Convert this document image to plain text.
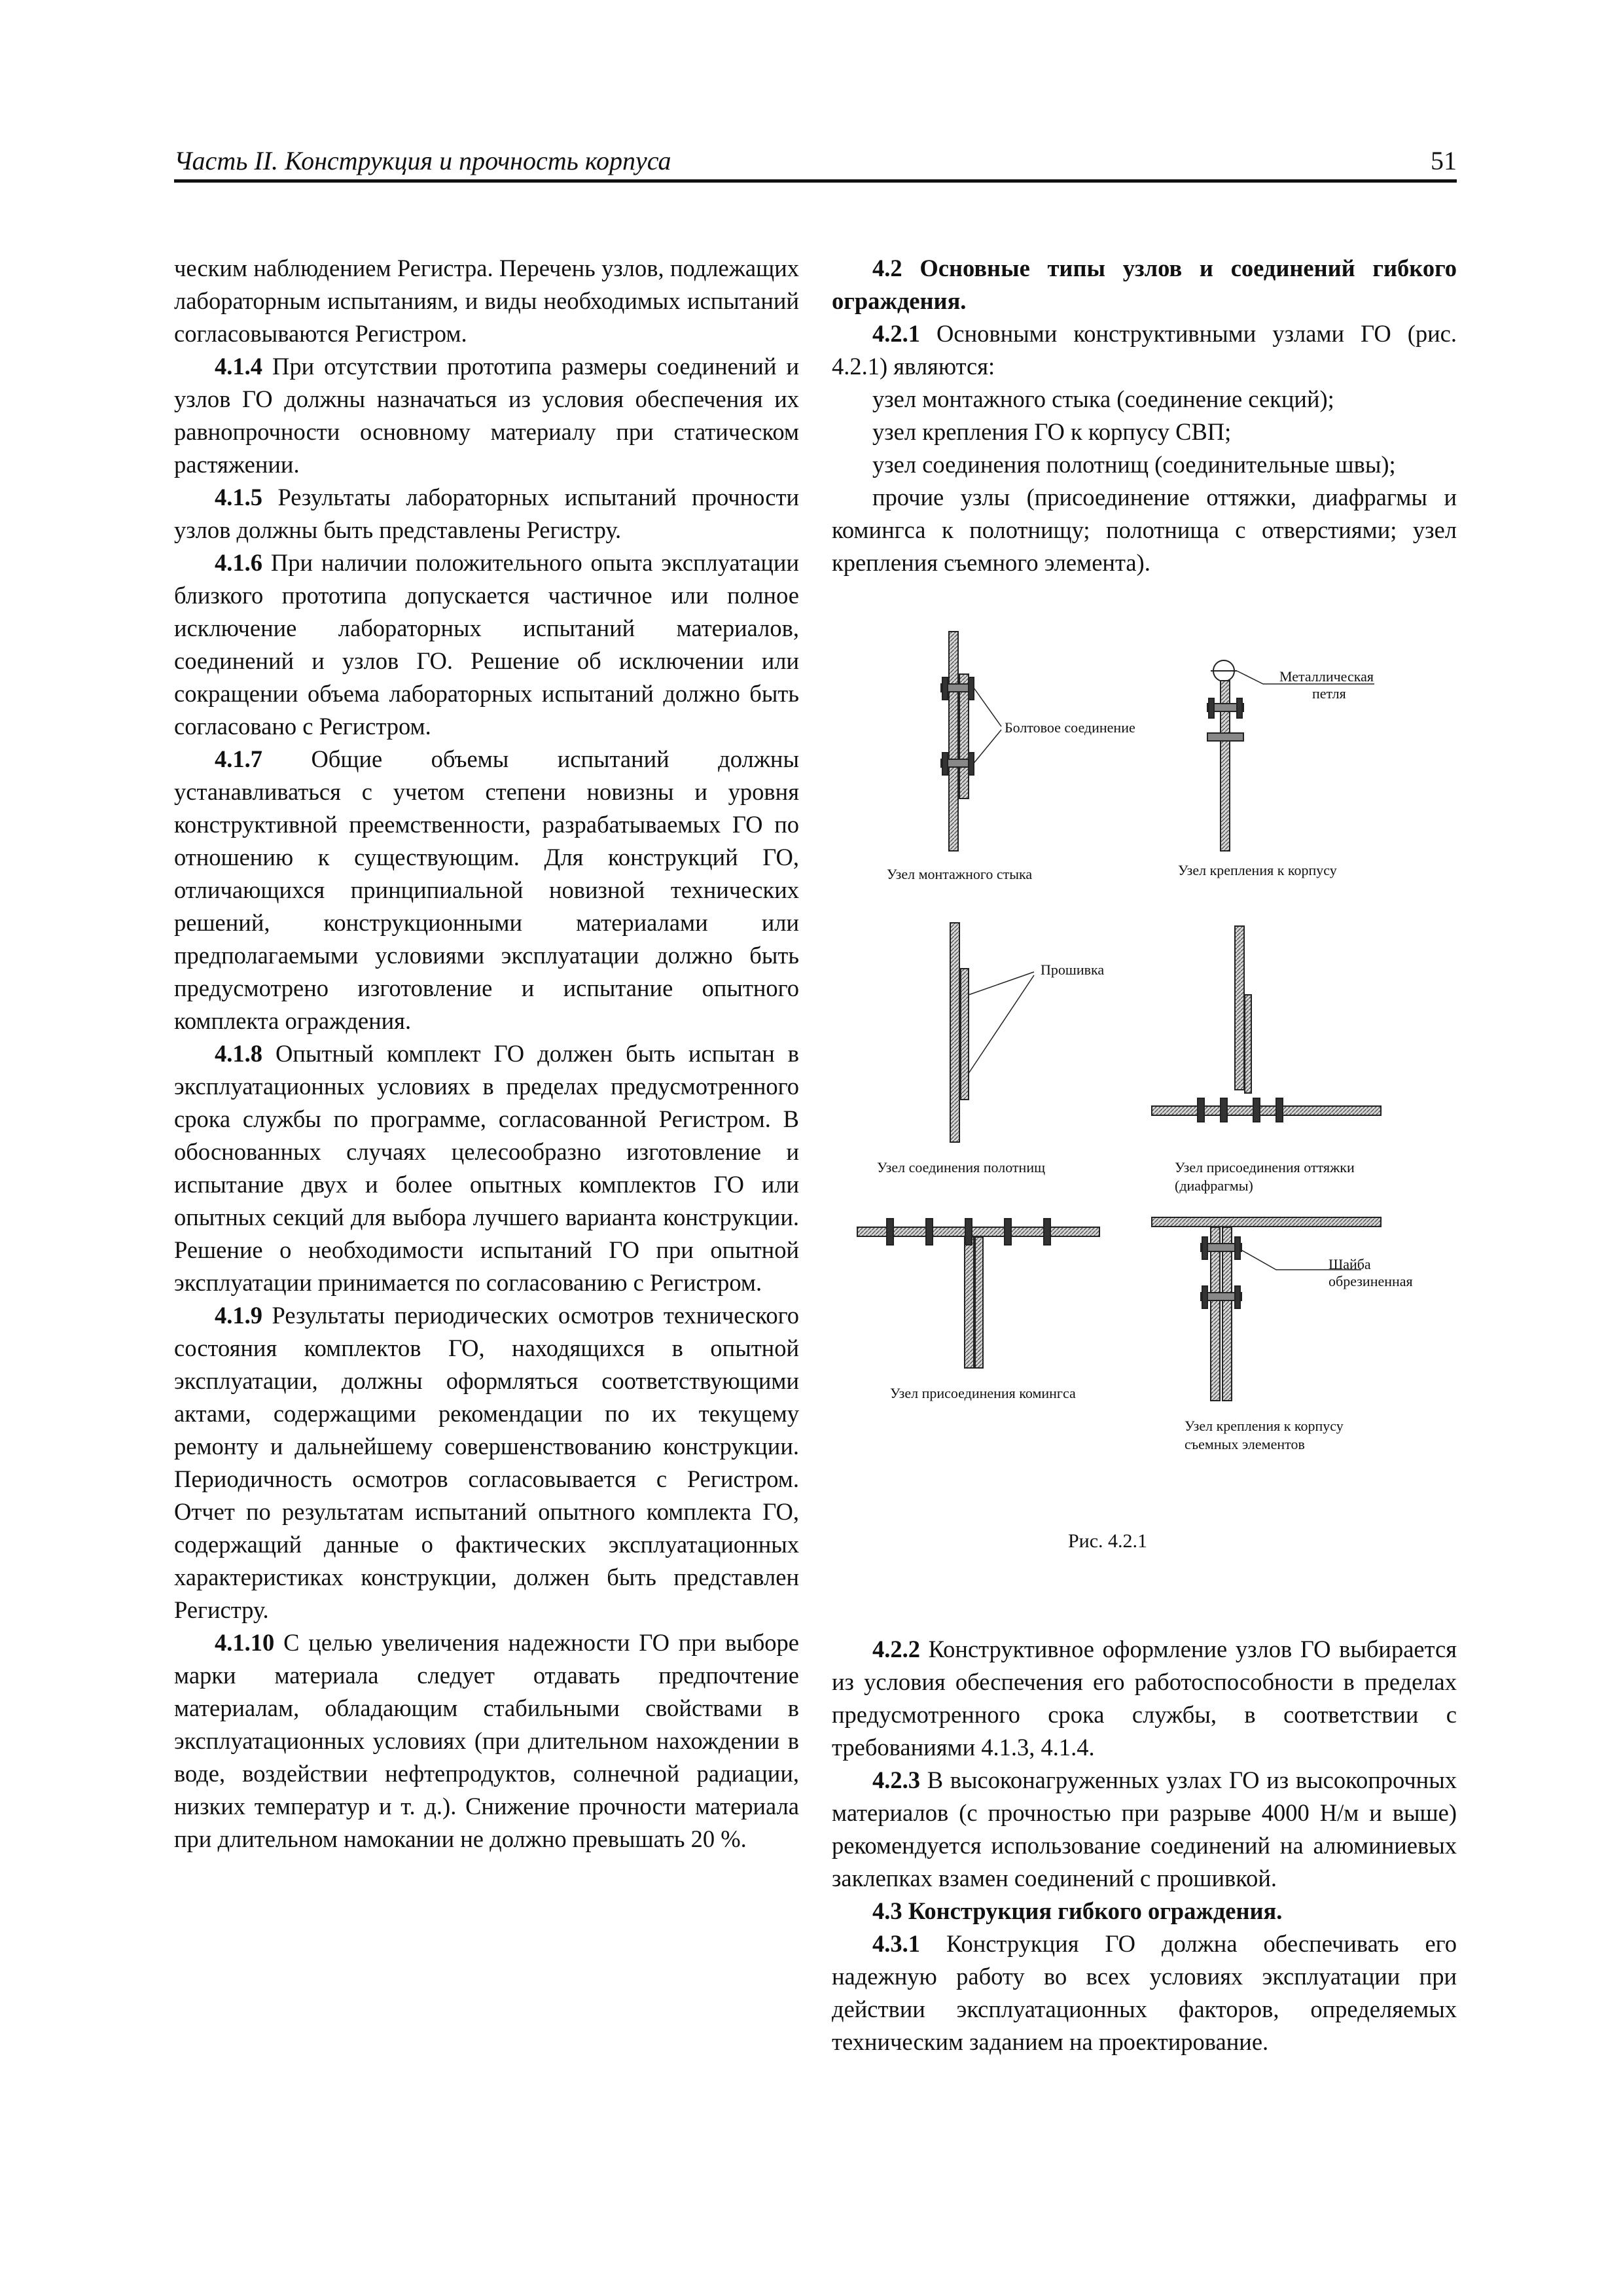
Часть II. Конструкция и прочность корпуса	51

ческим наблюдением Регистра. Перечень узлов, подлежащих лабораторным испытаниям, и виды необходимых испытаний согласовываются Регистром.

4.1.4 При отсутствии прототипа размеры соединений и узлов ГО должны назначаться из условия обеспечения их равнопрочности основному материалу при статическом растяжении.

4.1.5 Результаты лабораторных испытаний прочности узлов должны быть представлены Регистру.

4.1.6 При наличии положительного опыта эксплуатации близкого прототипа допускается частичное или полное исключение лабораторных испытаний материалов, соединений и узлов ГО. Решение об исключении или сокращении объема лабораторных испытаний должно быть согласовано с Регистром.

4.1.7 Общие объемы испытаний должны устанавливаться с учетом степени новизны и уровня конструктивной преемственности, разрабатываемых ГО по отношению к существующим. Для конструкций ГО, отличающихся принципиальной новизной технических решений, конструкционными материалами или предполагаемыми условиями эксплуатации должно быть предусмотрено изготовление и испытание опытного комплекта ограждения.

4.1.8 Опытный комплект ГО должен быть испытан в эксплуатационных условиях в пределах предусмотренного срока службы по программе, согласованной Регистром. В обоснованных случаях целесообразно изготовление и испытание двух и более опытных комплектов ГО или опытных секций для выбора лучшего варианта конструкции. Решение о необходимости испытаний ГО при опытной эксплуатации принимается по согласованию с Регистром.

4.1.9 Результаты периодических осмотров технического состояния комплектов ГО, находящихся в опытной эксплуатации, должны оформляться соответствующими актами, содержащими рекомендации по их текущему ремонту и дальнейшему совершенствованию конструкции. Периодичность осмотров согласовывается с Регистром. Отчет по результатам испытаний опытного комплекта ГО, содержащий данные о фактических эксплуатационных характеристиках конструкции, должен быть представлен Регистру.

4.1.10 С целью увеличения надежности ГО при выборе марки материала следует отдавать предпочтение материалам, обладающим стабильными свойствами в эксплуатационных условиях (при длительном нахождении в воде, воздействии нефтепродуктов, солнечной радиации, низких температур и т. д.). Снижение прочности материала при длительном намокании не должно превышать 20 %.

4.2 Основные типы узлов и соединений гибкого ограждения.

4.2.1 Основными конструктивными узлами ГО (рис. 4.2.1) являются:

узел монтажного стыка (соединение секций);

узел крепления ГО к корпусу СВП;

узел соединения полотнищ (соединительные швы);

прочие узлы (присоединение оттяжки, диафрагмы и комингса к полотнищу; полотнища с отверстиями; узел крепления съемного элемента).

Болтовое соединение
Металлическая
петля
Узел монтажного стыка	Узел крепления к корпусу
Прошивка
Узел соединения полотнищ	Узел присоединения оттяжки
(диафрагмы)
Шайба
обрезиненная
Узел присоединения комингса
Узел крепления к корпусу
съемных элементов
Рис. 4.2.1

4.2.2 Конструктивное оформление узлов ГО выбирается из условия обеспечения его работоспособности в пределах предусмотренного срока службы, в соответствии с требованиями 4.1.3, 4.1.4.

4.2.3 В высоконагруженных узлах ГО из высокопрочных материалов (с прочностью при разрыве 4000 Н/м и выше) рекомендуется использование соединений на алюминиевых заклепках взамен соединений с прошивкой.

4.3 Конструкция гибкого ограждения.

4.3.1 Конструкция ГО должна обеспечивать его надежную работу во всех условиях эксплуатации при действии эксплуатационных факторов, определяемых техническим заданием на проектирование.
